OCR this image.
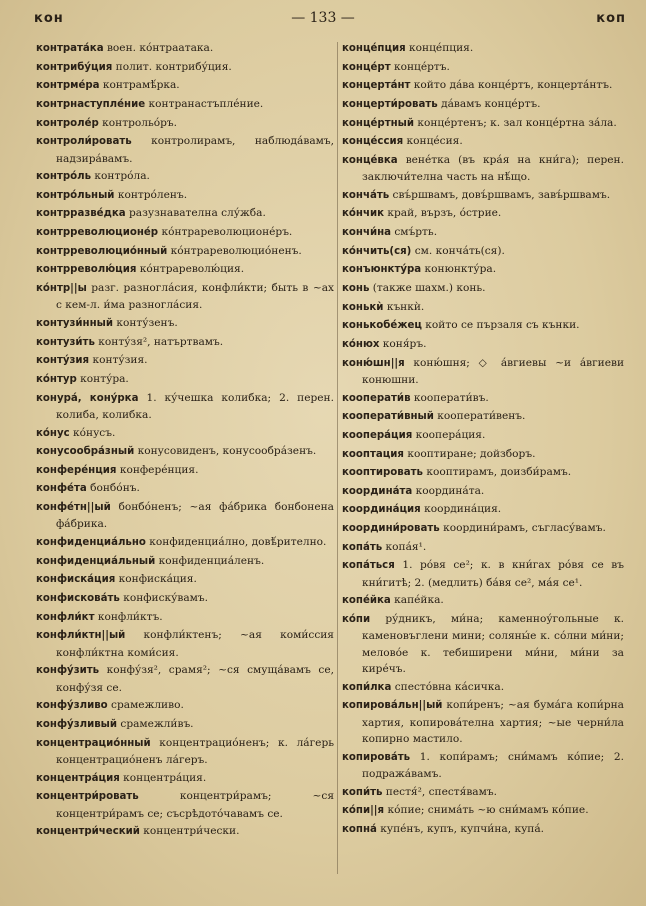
кон	— 133 —	коп

контрата́ка воен. ко́нтраатака.

контрибу́ция полит. контрибу́ция.

контрме́ра контрамѣ́рка.

контрнаступле́ние контранастъпле́ние.

контроле́р контрольо́ръ.

контроли́ровать контролирамъ, наблюда́вамъ, надзира́вамъ.

контро́ль контро́ла.

контро́льный контро́ленъ.

контрразве́дка разузнавателна слу́жба.

контрреволюционе́р ко́нтрареволюционе́ръ.

контрреволюцио́нный ко́нтрареволюцио́ненъ.

контрреволю́ция ко́нтрареволю́ция.

ко́нтр||ы разг. разногла́сия, конфли́кти; быть в ~ах с кем-л. и́ма разногла́сия.

контузи́нный конту́зенъ.

контузи́ть конту́зя², натъртвамъ.

конту́зия конту́зия.

ко́нтур конту́ра.

конура́, кону́рка 1. ку́чешка колибка; 2. перен. колиба, колибка.

ко́нус ко́нусъ.

конусообра́зный конусовиденъ, конусообра́зенъ.

конфере́нция конфере́нция.

конфе́та бонбо́нъ.

конфе́тн||ый бонбо́ненъ; ~ая фа́брика бонбонена фа́брика.

конфиденциа́льно конфиденциа́лно, довѣ́рително.

конфиденциа́льный конфиденциа́ленъ.

конфиска́ция конфиска́ция.

конфискова́ть конфиску́вамъ.

конфли́кт конфли́ктъ.

конфли́ктн||ый конфли́ктенъ; ~ая коми́ссия конфли́ктна коми́сия.

конфу́зить конфу́зя², срамя²; ~ся смуща́вамъ се, конфу́зя се.

конфу́зливо срамежливо.

конфу́зливый срамежли́въ.

концентрацио́нный концентрацио́ненъ; к. ла́герь концентрацио́ненъ ла́геръ.

концентра́ция концентра́ция.

концентри́ровать концентри́рамъ; ~ся концентри́рамъ се; съсрѣдото́чавамъ се.

концентри́ческий концентри́чески.

конце́пция конце́пция.

конце́рт конце́ртъ.

концерта́нт който да́ва конце́ртъ, концерта́нтъ.

концерти́ровать да́вамъ конце́ртъ.

конце́ртный конце́ртенъ; к. зал конце́ртна за́ла.

конце́ссия конце́сия.

конце́вка вене́тка (въ кра́я на кни́га); перен. заключи́телна часть на нѣ́що.

конча́ть свъ́ршвамъ, довъ́ршвамъ, завъ́ршвамъ.

ко́нчик край, вързъ, о́стрие.

кончи́на смъ́рть.

ко́нчить(ся) см. конча́ть(ся).

конъюнкту́ра конюнкту́ра.

конь (также шахм.) конь.

конькѝ кънкѝ.

конькобе́жец който се пързаля съ кънки.

ко́нюх коня́ръ.

коню́шн||я коню́шня; ◇ а́вгиевы ~и а́вгиеви конюшни.

кооперати́в кооперати́въ.

кооперати́вный кооперати́венъ.

коопера́ция коопера́ция.

кооптация кооптиране; дойзборъ.

кооптировать кооптирамъ, доизби́рамъ.

координа́та координа́та.

координа́ция координа́ция.

координи́ровать координи́рамъ, съгласу́вамъ.

копа́ть копа́я¹.

копа́ться 1. ро́вя се²; к. в кни́гах ро́вя се въ кни́гитѣ; 2. (медлить) ба́вя се², ма́я се¹.

копе́йка капе́йка.

ко́пи ру́дникъ, ми́на; каменноу́гольные к. каменовъглени мини; соляны́е к. со́лни ми́ни; мелово́е к. тебиширени ми́ни, ми́ни за кире́чъ.

копи́лка спесто́вна ка́сичка.

копирова́льн||ый копи́ренъ; ~ая бума́га копи́рна хартия, копирова́телна хартия; ~ые черни́ла копирно мастило.

копирова́ть 1. копи́рамъ; сни́мамъ ко́пие; 2. подража́вамъ.

копи́ть пестя́², спестя́вамъ.

ко́пи||я ко́пие; снима́ть ~ю сни́мамъ ко́пие.

копна́ купе́нъ, купъ, купчи́на, купа́.
